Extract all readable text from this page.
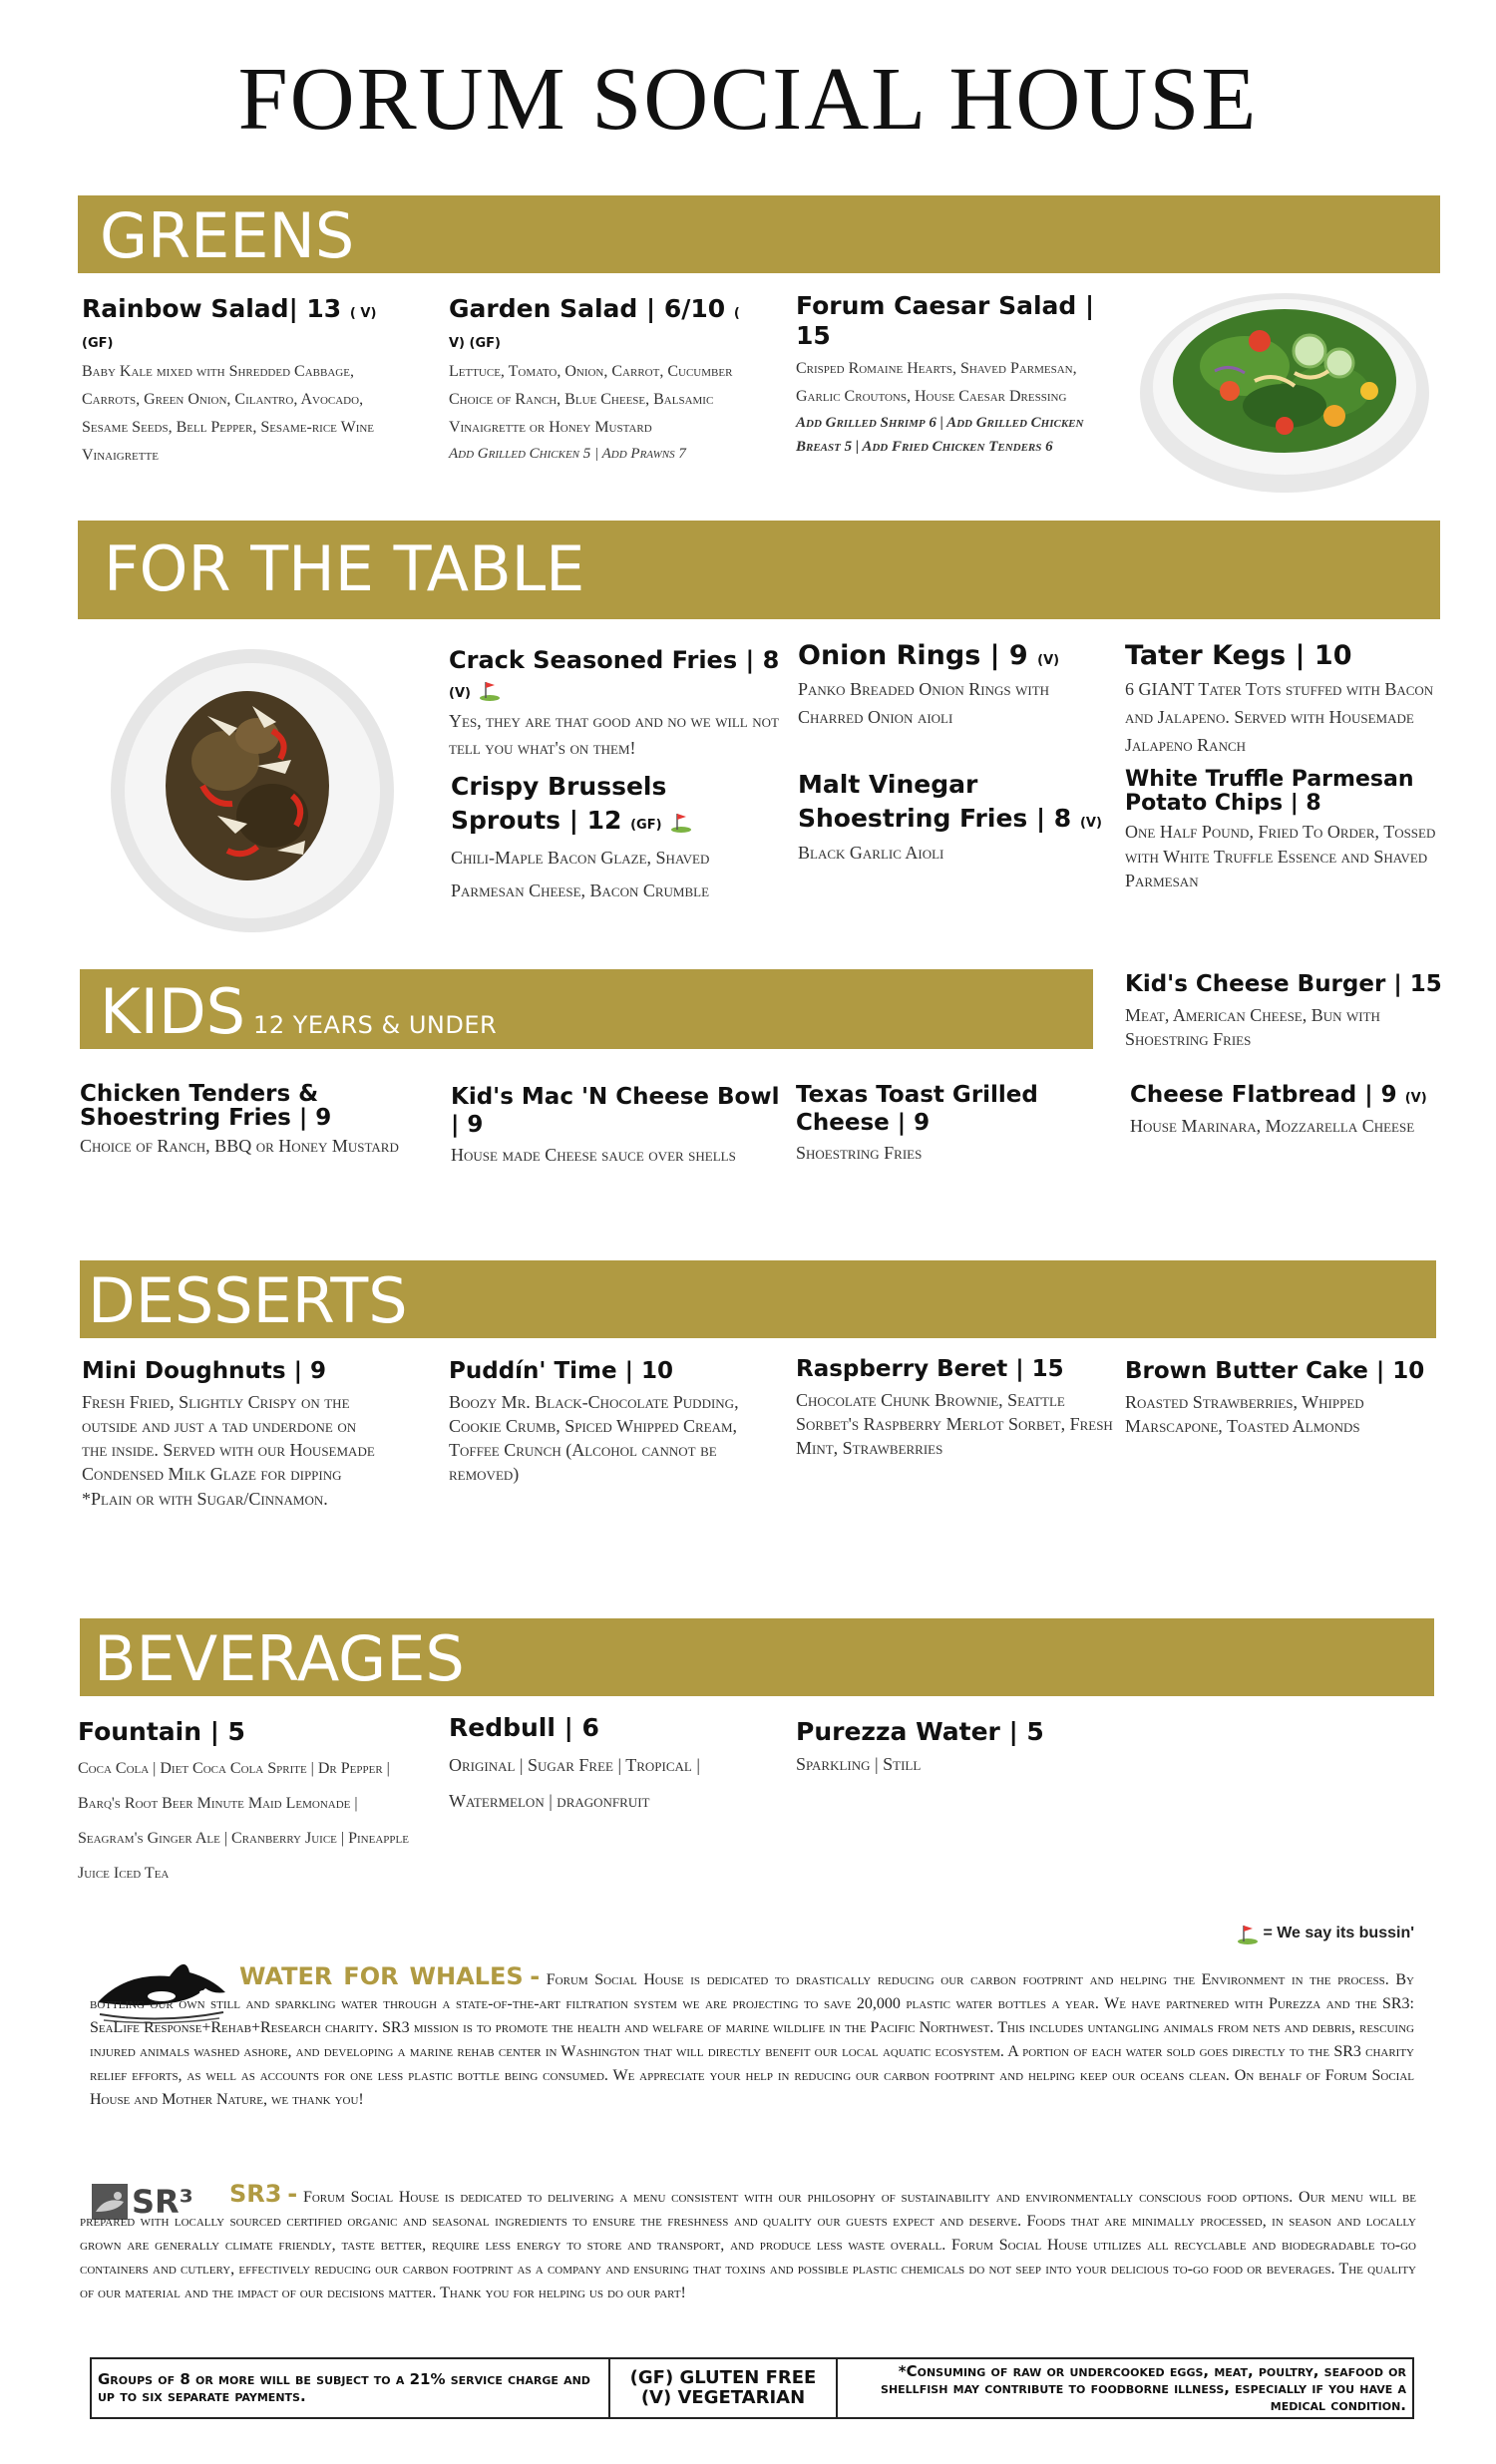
FORUM SOCIAL HOUSE
GREENS
Rainbow Salad| 13 ( V) (GF)
Baby Kale mixed with Shredded Cabbage, Carrots, Green Onion, Cilantro, Avocado, Sesame Seeds, Bell Pepper, Sesame-rice Wine Vinaigrette
Garden Salad | 6/10 ( V) (GF)
Lettuce, Tomato, Onion, Carrot, Cucumber Choice of Ranch, Blue Cheese, Balsamic Vinaigrette or Honey Mustard
Add Grilled Chicken 5 | Add Prawns 7
Forum Caesar Salad | 15
Crisped Romaine Hearts, Shaved Parmesan, Garlic Croutons, House Caesar Dressing
Add Grilled Shrimp 6 | Add Grilled Chicken Breast 5 | Add Fried Chicken Tenders 6
FOR THE TABLE
Crack Seasoned Fries | 8 (V)
Yes, they are that good and no we will not tell you what's on them!
Onion Rings | 9 (V)
Panko Breaded Onion Rings with Charred Onion aioli
Tater Kegs | 10
6 GIANT Tater Tots stuffed with Bacon and Jalapeno. Served with Housemade Jalapeno Ranch
Crispy Brussels Sprouts | 12 (GF)
Chili-Maple Bacon Glaze, Shaved Parmesan Cheese, Bacon Crumble
Malt Vinegar Shoestring Fries | 8 (V)
Black Garlic Aioli
White Truffle Parmesan Potato Chips | 8
One Half Pound, Fried To Order, Tossed with White Truffle Essence and Shaved Parmesan
KIDS 12 YEARS & UNDER
Kid's Cheese Burger | 15
Meat, American Cheese, Bun with Shoestring Fries
Chicken Tenders & Shoestring Fries | 9
Choice of Ranch, BBQ or Honey Mustard
Kid's Mac 'N Cheese Bowl | 9
House made Cheese sauce over shells
Texas Toast Grilled Cheese | 9
Shoestring Fries
Cheese Flatbread | 9 (V)
House Marinara, Mozzarella Cheese
DESSERTS
Mini Doughnuts | 9
Fresh Fried, Slightly Crispy on the outside and just a tad underdone on the inside. Served with our Housemade Condensed Milk Glaze for dipping *Plain or with Sugar/Cinnamon.
Puddín' Time | 10
Boozy Mr. Black-Chocolate Pudding, Cookie Crumb, Spiced Whipped Cream, Toffee Crunch (Alcohol cannot be removed)
Raspberry Beret | 15
Chocolate Chunk Brownie, Seattle Sorbet's Raspberry Merlot Sorbet, Fresh Mint, Strawberries
Brown Butter Cake | 10
Roasted Strawberries, Whipped Marscapone, Toasted Almonds
BEVERAGES
Fountain | 5
Coca Cola | Diet Coca Cola Sprite | Dr Pepper | Barq's Root Beer Minute Maid Lemonade | Seagram's Ginger Ale | Cranberry Juice | Pineapple Juice Iced Tea
Redbull | 6
Original | Sugar Free | Tropical | Watermelon | dragonfruit
Purezza Water | 5
Sparkling | Still
= We say its bussin'
WATER FOR WHALES - Forum Social House is dedicated to drastically reducing our carbon footprint and helping the Environment in the process. By bottling our own still and sparkling water through a state-of-the-art filtration system we are projecting to save 20,000 plastic water bottles a year. We have partnered with Purezza and the SR3: SeaLife Response+Rehab+Research charity. SR3 mission is to promote the health and welfare of marine wildlife in the Pacific Northwest. This includes untangling animals from nets and debris, rescuing injured animals washed ashore, and developing a marine rehab center in Washington that will directly benefit our local aquatic ecosystem. A portion of each water sold goes directly to the SR3 charity relief efforts, as well as accounts for one less plastic bottle being consumed. We appreciate your help in reducing our carbon footprint and helping keep our oceans clean. On behalf of Forum Social House and Mother Nature, we thank you!
SR³	SR3 - Forum Social House is dedicated to delivering a menu consistent with our philosophy of sustainability and environmentally conscious food options. Our menu will be prepared with locally sourced certified organic and seasonal ingredients to ensure the freshness and quality our guests expect and deserve. Foods that are minimally processed, in season and locally grown are generally climate friendly, taste better, require less energy to store and transport, and produce less waste overall. Forum Social House utilizes all recyclable and biodegradable to-go containers and cutlery, effectively reducing our carbon footprint as a company and ensuring that toxins and possible plastic chemicals do not seep into your delicious to-go food or beverages. The quality of our material and the impact of our decisions matter. Thank you for helping us do our part!
Groups of 8 or more will be subject to a 21% service charge and up to six separate payments.
(GF) GLUTEN FREE
(V) VEGETARIAN
*Consuming of raw or undercooked eggs, meat, poultry, seafood or shellfish may contribute to foodborne illness, especially if you have a medical condition.
